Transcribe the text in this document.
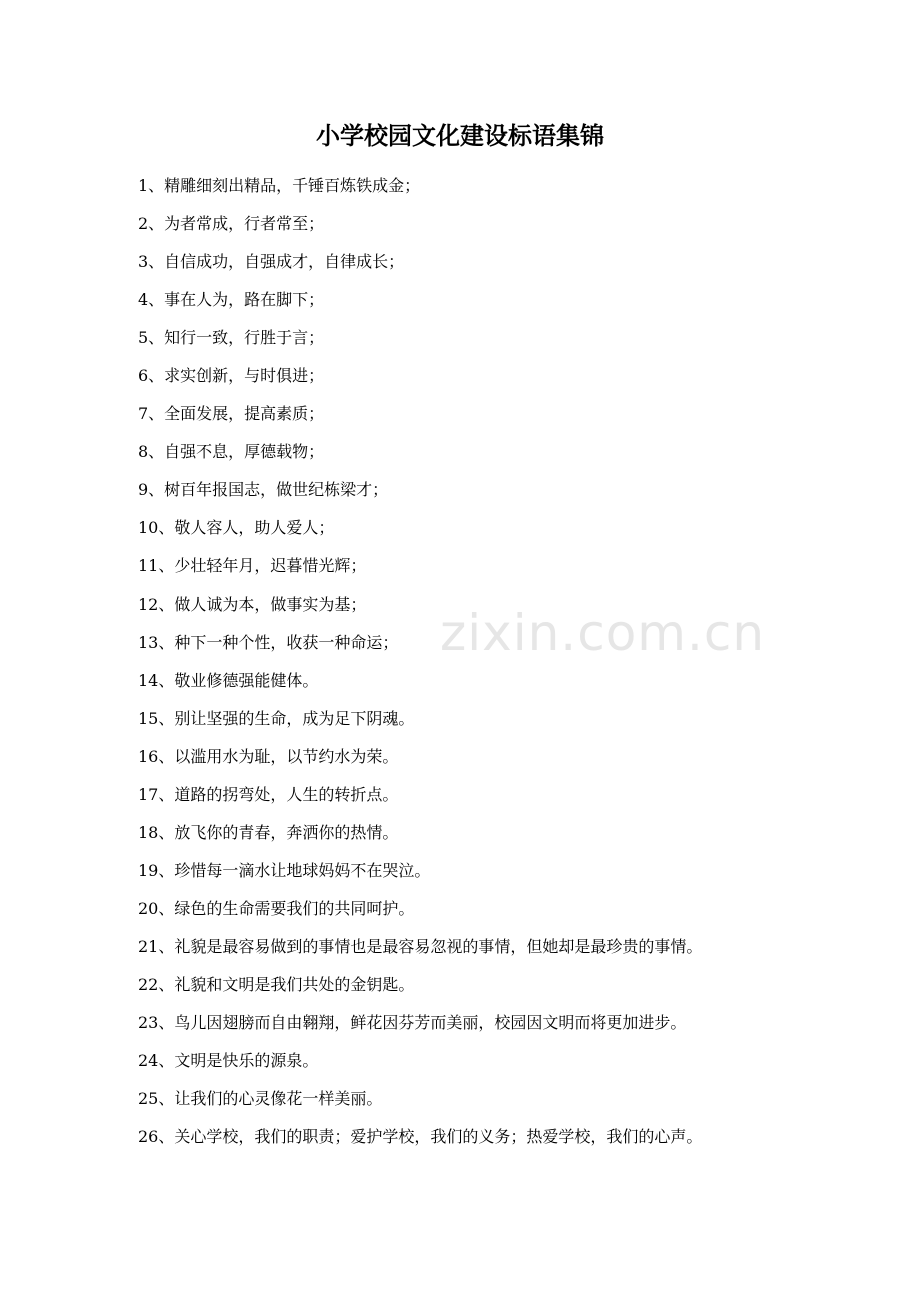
小学校园文化建设标语集锦
1、精雕细刻出精品，千锤百炼铁成金；
2、为者常成，行者常至；
3、自信成功，自强成才，自律成长；
4、事在人为，路在脚下；
5、知行一致，行胜于言；
6、求实创新，与时俱进；
7、全面发展，提高素质；
8、自强不息，厚德载物；
9、树百年报国志，做世纪栋梁才；
10、敬人容人，助人爱人；
11、少壮轻年月，迟暮惜光辉；
12、做人诚为本，做事实为基；
13、种下一种个性，收获一种命运；
14、敬业修德强能健体。
15、别让坚强的生命，成为足下阴魂。
16、以滥用水为耻，以节约水为荣。
17、道路的拐弯处，人生的转折点。
18、放飞你的青春，奔洒你的热情。
19、珍惜每一滴水让地球妈妈不在哭泣。
20、绿色的生命需要我们的共同呵护。
21、礼貌是最容易做到的事情也是最容易忽视的事情，但她却是最珍贵的事情。
22、礼貌和文明是我们共处的金钥匙。
23、鸟儿因翅膀而自由翱翔，鲜花因芬芳而美丽，校园因文明而将更加进步。
24、文明是快乐的源泉。
25、让我们的心灵像花一样美丽。
26、关心学校，我们的职责；爱护学校，我们的义务；热爱学校，我们的心声。
zixin.com.cn
